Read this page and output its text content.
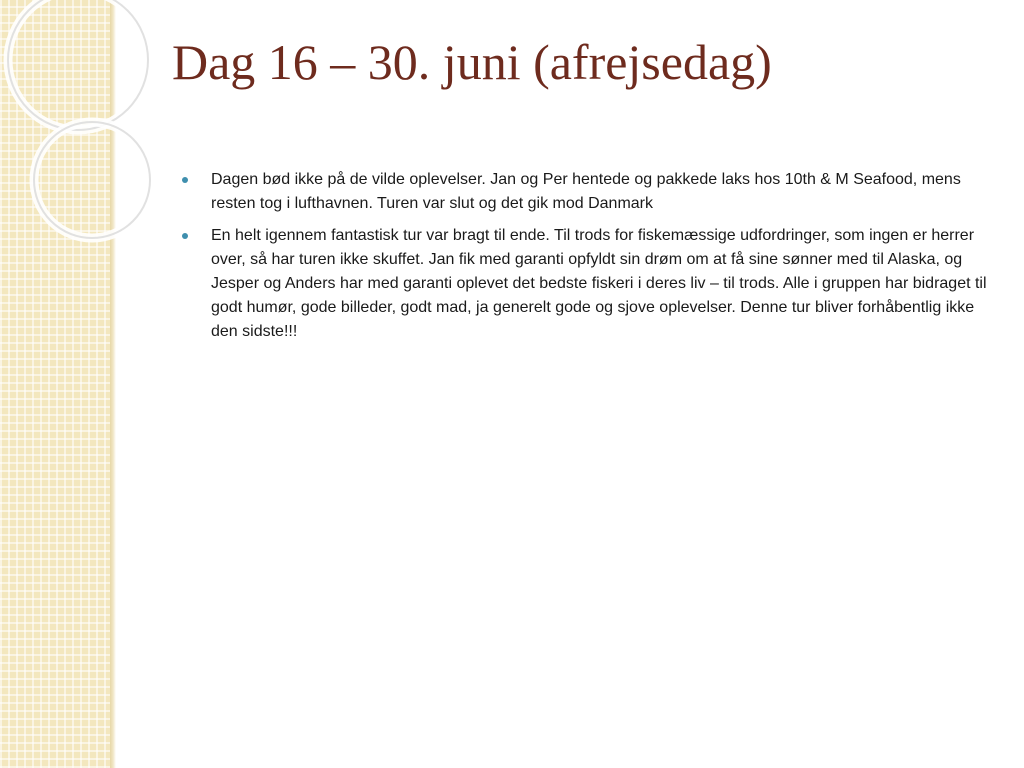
Dag 16 – 30. juni (afrejsedag)
Dagen bød ikke på de vilde oplevelser. Jan og Per hentede og pakkede laks hos 10th & M Seafood, mens resten tog i lufthavnen. Turen var slut og det gik mod Danmark
En helt igennem fantastisk tur var bragt til ende. Til trods for fiskemæssige udfordringer, som ingen er herrer over, så har turen ikke skuffet. Jan fik med garanti opfyldt sin drøm om at få sine sønner med til Alaska, og Jesper og Anders har med garanti oplevet det bedste fiskeri i deres liv – til trods. Alle i gruppen har bidraget til godt humør, gode billeder, godt mad, ja generelt gode og sjove oplevelser. Denne tur bliver forhåbentlig ikke den sidste!!!
